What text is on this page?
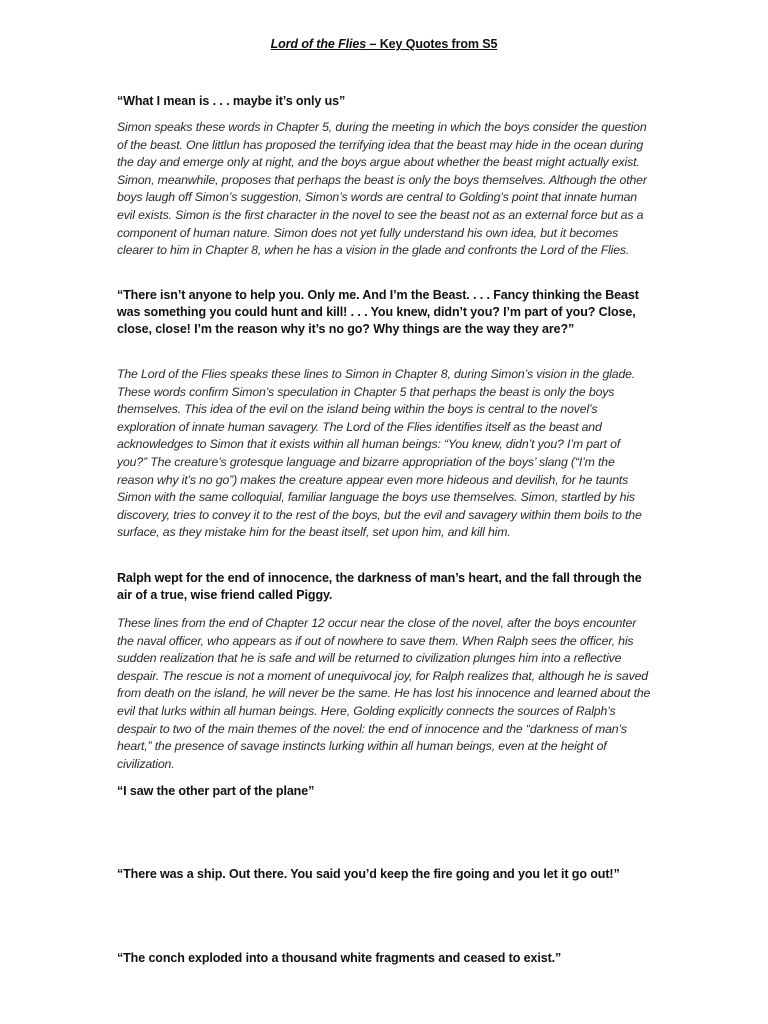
Lord of the Flies – Key Quotes from S5

“What I mean is . . . maybe it’s only us”

Simon speaks these words in Chapter 5, during the meeting in which the boys consider the question of the beast. One littlun has proposed the terrifying idea that the beast may hide in the ocean during the day and emerge only at night, and the boys argue about whether the beast might actually exist. Simon, meanwhile, proposes that perhaps the beast is only the boys themselves. Although the other boys laugh off Simon’s suggestion, Simon’s words are central to Golding’s point that innate human evil exists. Simon is the first character in the novel to see the beast not as an external force but as a component of human nature. Simon does not yet fully understand his own idea, but it becomes clearer to him in Chapter 8, when he has a vision in the glade and confronts the Lord of the Flies.

“There isn’t anyone to help you. Only me. And I’m the Beast. . . . Fancy thinking the Beast was something you could hunt and kill! . . . You knew, didn’t you? I’m part of you? Close, close, close! I’m the reason why it’s no go? Why things are the way they are?”

The Lord of the Flies speaks these lines to Simon in Chapter 8, during Simon’s vision in the glade. These words confirm Simon’s speculation in Chapter 5 that perhaps the beast is only the boys themselves. This idea of the evil on the island being within the boys is central to the novel’s exploration of innate human savagery. The Lord of the Flies identifies itself as the beast and acknowledges to Simon that it exists within all human beings: “You knew, didn’t you? I’m part of you?” The creature’s grotesque language and bizarre appropriation of the boys’ slang (“I’m the reason why it’s no go”) makes the creature appear even more hideous and devilish, for he taunts Simon with the same colloquial, familiar language the boys use themselves. Simon, startled by his discovery, tries to convey it to the rest of the boys, but the evil and savagery within them boils to the surface, as they mistake him for the beast itself, set upon him, and kill him.

Ralph wept for the end of innocence, the darkness of man’s heart, and the fall through the air of a true, wise friend called Piggy.

These lines from the end of Chapter 12 occur near the close of the novel, after the boys encounter the naval officer, who appears as if out of nowhere to save them. When Ralph sees the officer, his sudden realization that he is safe and will be returned to civilization plunges him into a reflective despair. The rescue is not a moment of unequivocal joy, for Ralph realizes that, although he is saved from death on the island, he will never be the same. He has lost his innocence and learned about the evil that lurks within all human beings. Here, Golding explicitly connects the sources of Ralph’s despair to two of the main themes of the novel: the end of innocence and the “darkness of man’s heart,” the presence of savage instincts lurking within all human beings, even at the height of civilization.

“I saw the other part of the plane”

“There was a ship. Out there. You said you’d keep the fire going and you let it go out!”

“The conch exploded into a thousand white fragments and ceased to exist.”
